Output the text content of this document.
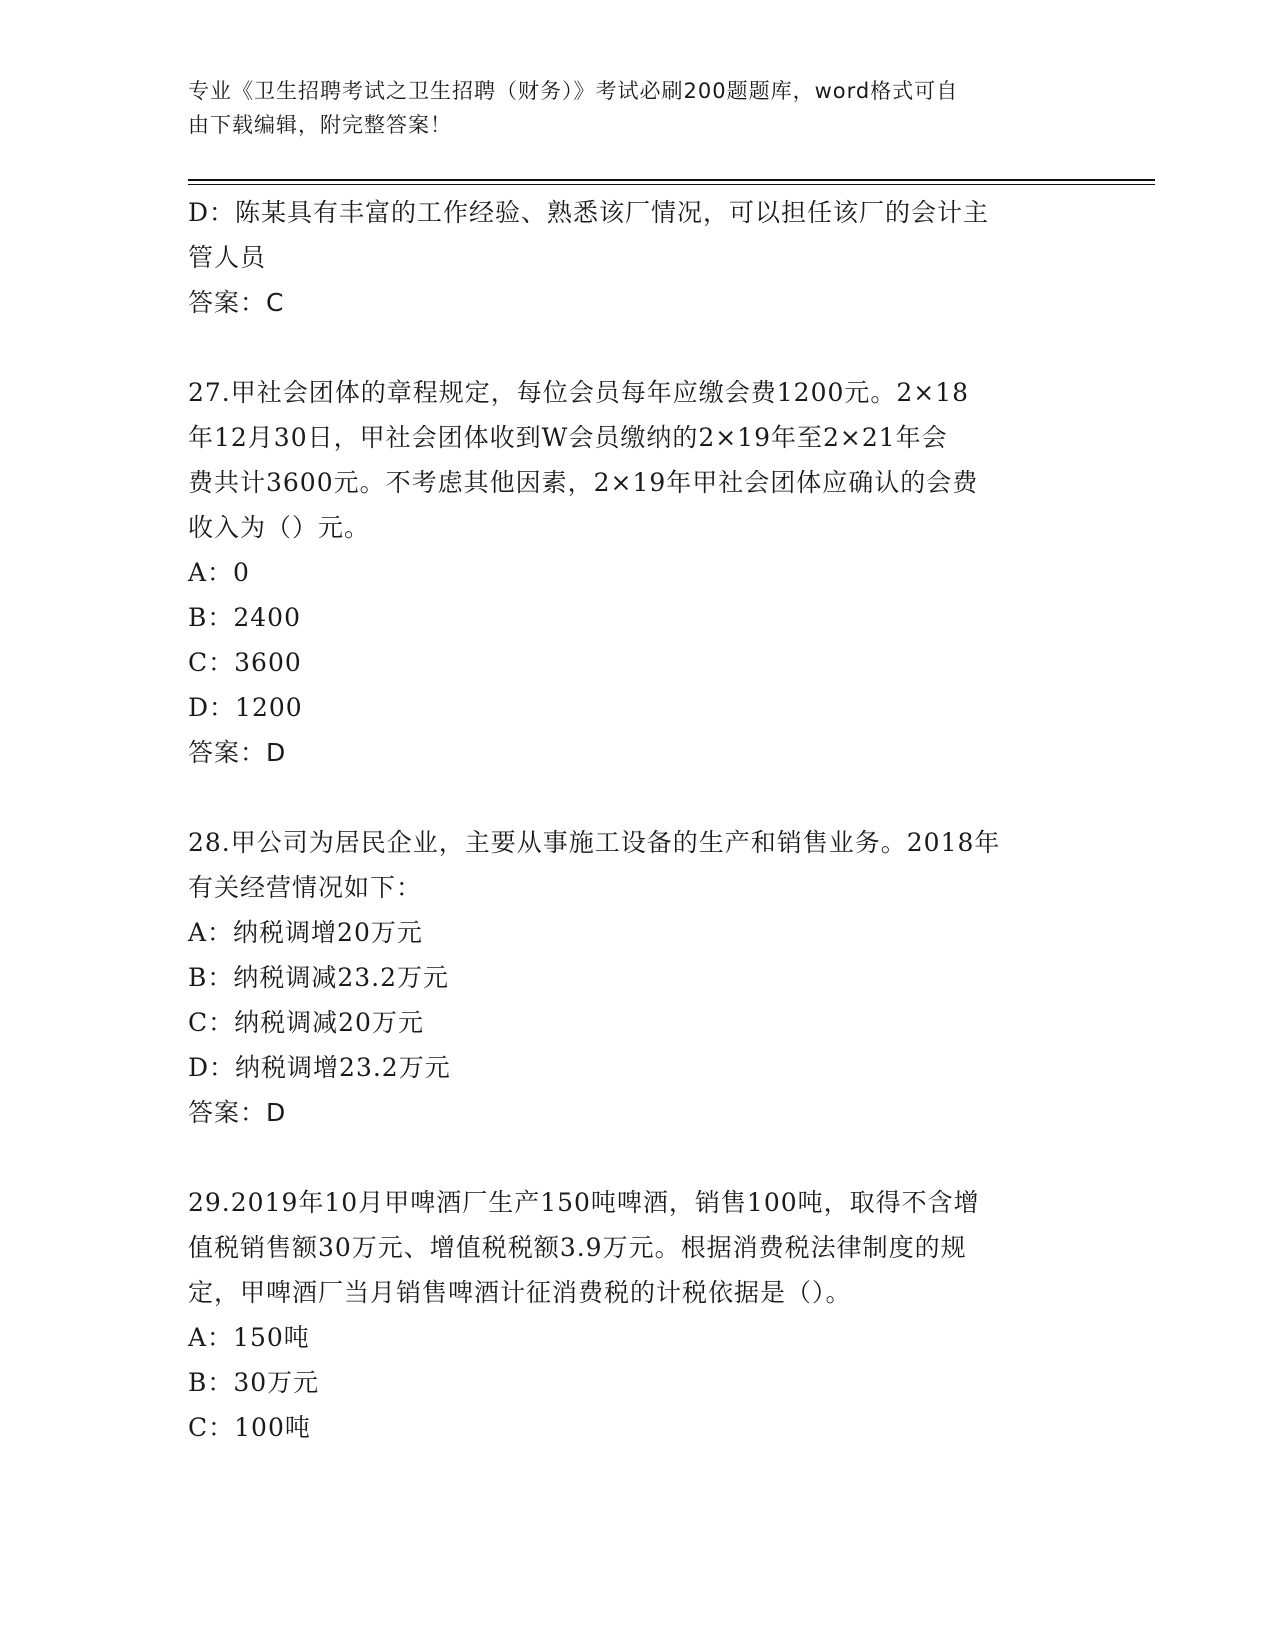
专业《卫生招聘考试之卫生招聘（财务）》考试必刷200题题库，word格式可自
由下载编辑，附完整答案！
D：陈某具有丰富的工作经验、熟悉该厂情况，可以担任该厂的会计主
管人员
答案：C
27.甲社会团体的章程规定，每位会员每年应缴会费1200元。2×18
年12月30日，甲社会团体收到W会员缴纳的2×19年至2×21年会
费共计3600元。不考虑其他因素，2×19年甲社会团体应确认的会费
收入为（）元。
A：0
B：2400
C：3600
D：1200
答案：D
28.甲公司为居民企业，主要从事施工设备的生产和销售业务。2018年
有关经营情况如下：
A：纳税调增20万元
B：纳税调减23.2万元
C：纳税调减20万元
D：纳税调增23.2万元
答案：D
29.2019年10月甲啤酒厂生产150吨啤酒，销售100吨，取得不含增
值税销售额30万元、增值税税额3.9万元。根据消费税法律制度的规
定，甲啤酒厂当月销售啤酒计征消费税的计税依据是（）。
A：150吨
B：30万元
C：100吨
